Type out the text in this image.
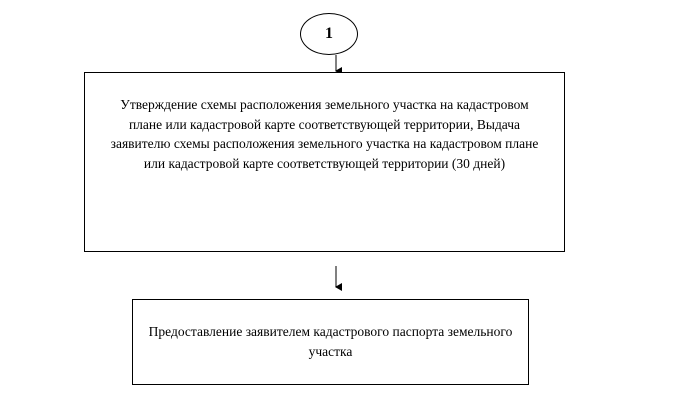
1
Утверждение схемы расположения земельного участка на кадастровом плане или кадастровой карте соответствующей территории, Выдача заявителю схемы расположения земельного участка на кадастровом плане или кадастровой карте соответствующей территории (30 дней)
Предоставление заявителем кадастрового паспорта земельного участка
